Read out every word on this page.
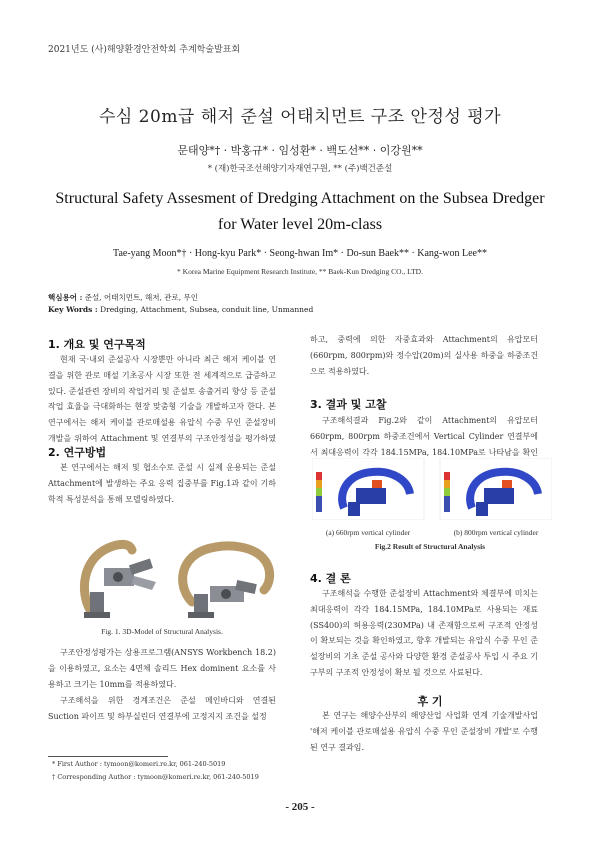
2021년도 (사)해양환경안전학회 추계학술발표회
수심 20m급 해저 준설 어태치먼트 구조 안정성 평가
문태양*† · 박홍규* · 임성환* · 백도선** · 이강원**
* (재)한국조선해양기자재연구원, ** (주)백건준설
Structural Safety Assesment of Dredging Attachment on the Subsea Dredger
for Water level 20m-class
Tae-yang Moon*† · Hong-kyu Park* · Seong-hwan Im* · Do-sun Baek** · Kang-won Lee**
* Korea Marine Equipment Research Institute, ** Baek-Kun Dredging CO., LTD.
핵심용어 : 준설, 어태치먼트, 해저, 관로, 무인
Key Words : Dredging, Attachment, Subsea, conduit line, Unmanned
1. 개요 및 연구목적

현재 국·내외 준설공사 시장뿐만 아니라 최근 해저 케이블 연결을 위한 관로 매설 기초공사 시장 또한 전 세계적으로 급증하고 있다. 준설관련 장비의 작업거리 및 준설토 송출거리 향상 등 준설작업 효율을 극대화하는 현장 맞춤형 기술을 개발하고자 한다. 본 연구에서는 해저 케이블 관로매설용 유압식 수중 무인 준설장비 개발을 위하여 Attachment 및 연결부의 구조안정성을 평가하였

2. 연구방법

본 연구에서는 해저 및 협소수로 준설 시 실제 운용되는 준설 Attachment에 발생하는 주요 응력 집중부를 Fig.1과 같이 기하학적 특성분석을 통해 모델링하였다.

Fig. 1. 3D-Model of Structural Analysis.

구조안정성평가는 상용프로그램(ANSYS Workbench 18.2)을 이용하였고, 요소는 4면체 솔리드 Hex dominent 요소를 사용하고 크기는 10mm를 적용하였다.

구조해석을 위한 경계조건은 준설 메인바디와 연결된 Suction 파이프 및 하부실린더 연결부에 고정지지 조건을 설정

* First Author : tymoon@komeri.re.kr, 061-240-5019
† Corresponding Author : tymoon@komeri.re.kr, 061-240-5019

하고, 중력에 의한 자중효과와 Attachment의 유압모터(660rpm, 800rpm)와 정수압(20m)의 실사용 하중을 하중조건으로 적용하였다.

3. 결과 및 고찰

구조해석결과 Fig.2와 같이 Attachment의 유압모터 660rpm, 800rpm 하중조건에서 Vertical Cylinder 연결부에서 최대응력이 각각 184.15MPa, 184.10MPa로 나타남을 확인

(a) 660rpm vertical cylinder	(b) 800rpm vertical cylinder
Fig.2 Result of Structural Analysis
4. 결 론

구조해석을 수행한 준설장비 Attachment와 체결부에 미치는 최대응력이 각각 184.15MPa, 184.10MPa로 사용되는 재료(SS400)의 허용응력(230MPa) 내 존재함으로써 구조적 안정성이 확보되는 것을 확인하였고, 향후 개발되는 유압식 수중 무인 준설장비의 기초 준설 공사와 다양한 환경 준설공사 투입 시 주요 기구부의 구조적 안정성이 확보 될 것으로 사료된다.

후 기

본 연구는 해양수산부의 해양산업 사업화 연계 기술개발사업 '해저 케이블 관로매설용 유압식 수중 무인 준설장비 개발'로 수행된 연구 결과임.

- 205 -
